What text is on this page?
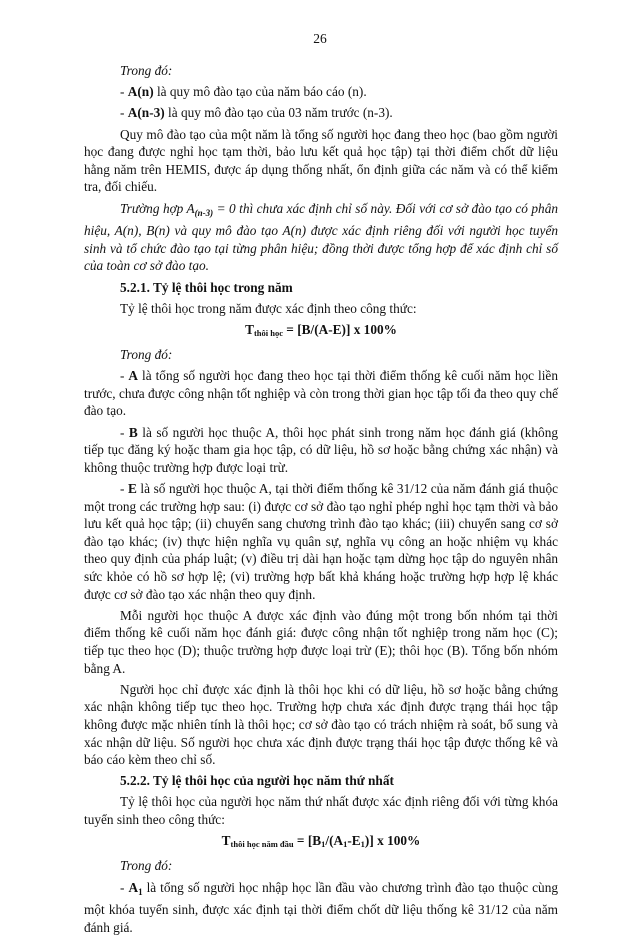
26

Trong đó:

- A(n) là quy mô đào tạo của năm báo cáo (n).

- A(n-3) là quy mô đào tạo của 03 năm trước (n-3).

Quy mô đào tạo của một năm là tổng số người học đang theo học (bao gồm người học đang được nghỉ học tạm thời, bảo lưu kết quả học tập) tại thời điểm chốt dữ liệu hằng năm trên HEMIS, được áp dụng thống nhất, ổn định giữa các năm và có thể kiểm tra, đối chiếu.

Trường hợp $A_{(n-3)} = 0$ thì chưa xác định chỉ số này. Đối với cơ sở đào tạo có phân hiệu, A(n), B(n) và quy mô đào tạo A(n) được xác định riêng đối với người học tuyển sinh và tổ chức đào tạo tại từng phân hiệu; đồng thời được tổng hợp để xác định chỉ số của toàn cơ sở đào tạo.

5.2.1. Tỷ lệ thôi học trong năm

Tỷ lệ thôi học trong năm được xác định theo công thức:

$T_{thôi học} = [B/(A-E)]$ x 100%

Trong đó:

- A là tổng số người học đang theo học tại thời điểm thống kê cuối năm học liền trước, chưa được công nhận tốt nghiệp và còn trong thời gian học tập tối đa theo quy chế đào tạo.

- B là số người học thuộc A, thôi học phát sinh trong năm học đánh giá (không tiếp tục đăng ký hoặc tham gia học tập, có dữ liệu, hồ sơ hoặc bằng chứng xác nhận) và không thuộc trường hợp được loại trừ.

- E là số người học thuộc A, tại thời điểm thống kê 31/12 của năm đánh giá thuộc một trong các trường hợp sau: (i) được cơ sở đào tạo nghỉ phép nghỉ học tạm thời và bảo lưu kết quả học tập; (ii) chuyển sang chương trình đào tạo khác; (iii) chuyển sang cơ sở đào tạo khác; (iv) thực hiện nghĩa vụ quân sự, nghĩa vụ công an hoặc nhiệm vụ khác theo quy định của pháp luật; (v) điều trị dài hạn hoặc tạm dừng học tập do nguyên nhân sức khỏe có hồ sơ hợp lệ; (vi) trường hợp bất khả kháng hoặc trường hợp hợp lệ khác được cơ sở đào tạo xác nhận theo quy định.

Mỗi người học thuộc A được xác định vào đúng một trong bốn nhóm tại thời điểm thống kê cuối năm học đánh giá: được công nhận tốt nghiệp trong năm học (C); tiếp tục theo học (D); thuộc trường hợp được loại trừ (E); thôi học (B). Tổng bốn nhóm bằng A.

Người học chỉ được xác định là thôi học khi có dữ liệu, hồ sơ hoặc bằng chứng xác nhận không tiếp tục theo học. Trường hợp chưa xác định được trạng thái học tập không được mặc nhiên tính là thôi học; cơ sở đào tạo có trách nhiệm rà soát, bổ sung và xác nhận dữ liệu. Số người học chưa xác định được trạng thái học tập được thống kê và báo cáo kèm theo chỉ số.

5.2.2. Tỷ lệ thôi học của người học năm thứ nhất

Tỷ lệ thôi học của người học năm thứ nhất được xác định riêng đối với từng khóa tuyển sinh theo công thức:

$T_{thôi học năm đầu} = [B_1/(A_1-E_1)]$ x 100%

Trong đó:

- $A_1$ là tổng số người học nhập học lần đầu vào chương trình đào tạo thuộc cùng một khóa tuyển sinh, được xác định tại thời điểm chốt dữ liệu thống kê 31/12 của năm đánh giá.
